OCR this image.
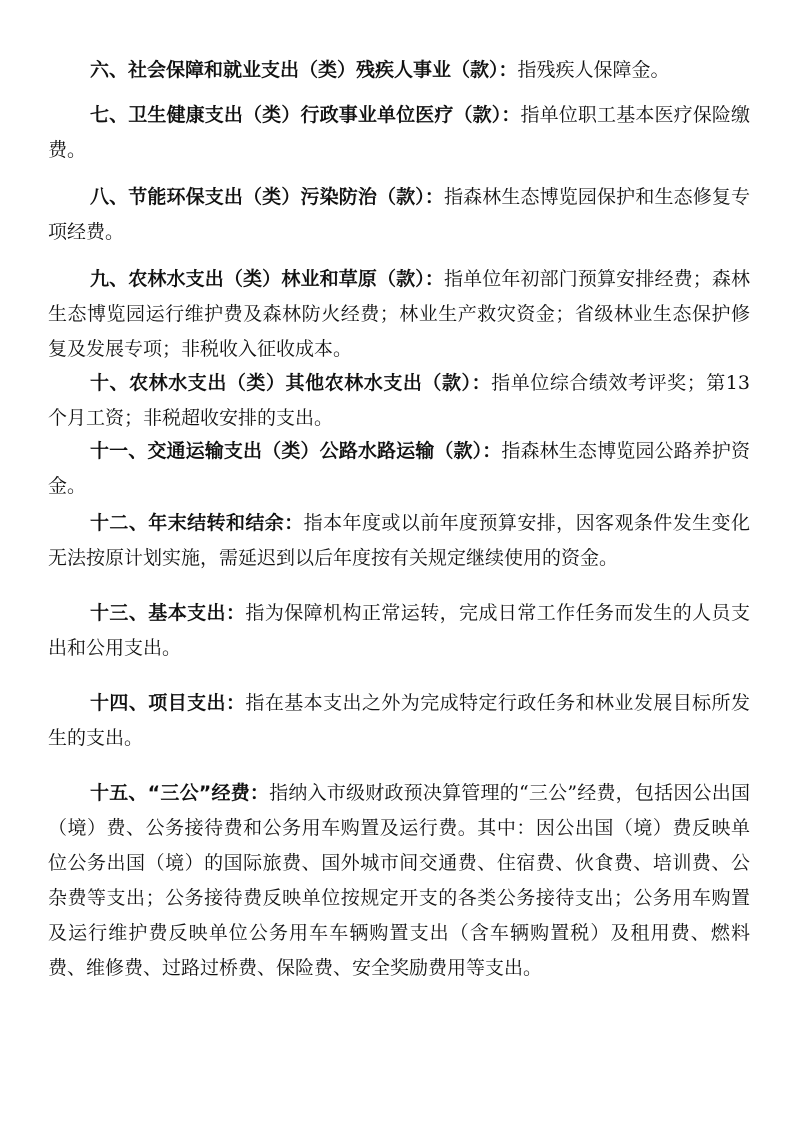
六、社会保障和就业支出（类）残疾人事业（款）：指残疾人保障金。

七、卫生健康支出（类）行政事业单位医疗（款）：指单位职工基本医疗保险缴费。

八、节能环保支出（类）污染防治（款）：指森林生态博览园保护和生态修复专项经费。

九、农林水支出（类）林业和草原（款）：指单位年初部门预算安排经费；森林生态博览园运行维护费及森林防火经费；林业生产救灾资金；省级林业生态保护修复及发展专项；非税收入征收成本。

十、农林水支出（类）其他农林水支出（款）：指单位综合绩效考评奖；第13个月工资；非税超收安排的支出。

十一、交通运输支出（类）公路水路运输（款）：指森林生态博览园公路养护资金。

十二、年末结转和结余：指本年度或以前年度预算安排，因客观条件发生变化无法按原计划实施，需延迟到以后年度按有关规定继续使用的资金。

十三、基本支出：指为保障机构正常运转，完成日常工作任务而发生的人员支出和公用支出。

十四、项目支出：指在基本支出之外为完成特定行政任务和林业发展目标所发生的支出。

十五、“三公”经费：指纳入市级财政预决算管理的“三公”经费，包括因公出国（境）费、公务接待费和公务用车购置及运行费。其中：因公出国（境）费反映单位公务出国（境）的国际旅费、国外城市间交通费、住宿费、伙食费、培训费、公杂费等支出；公务接待费反映单位按规定开支的各类公务接待支出；公务用车购置及运行维护费反映单位公务用车车辆购置支出（含车辆购置税）及租用费、燃料费、维修费、过路过桥费、保险费、安全奖励费用等支出。
